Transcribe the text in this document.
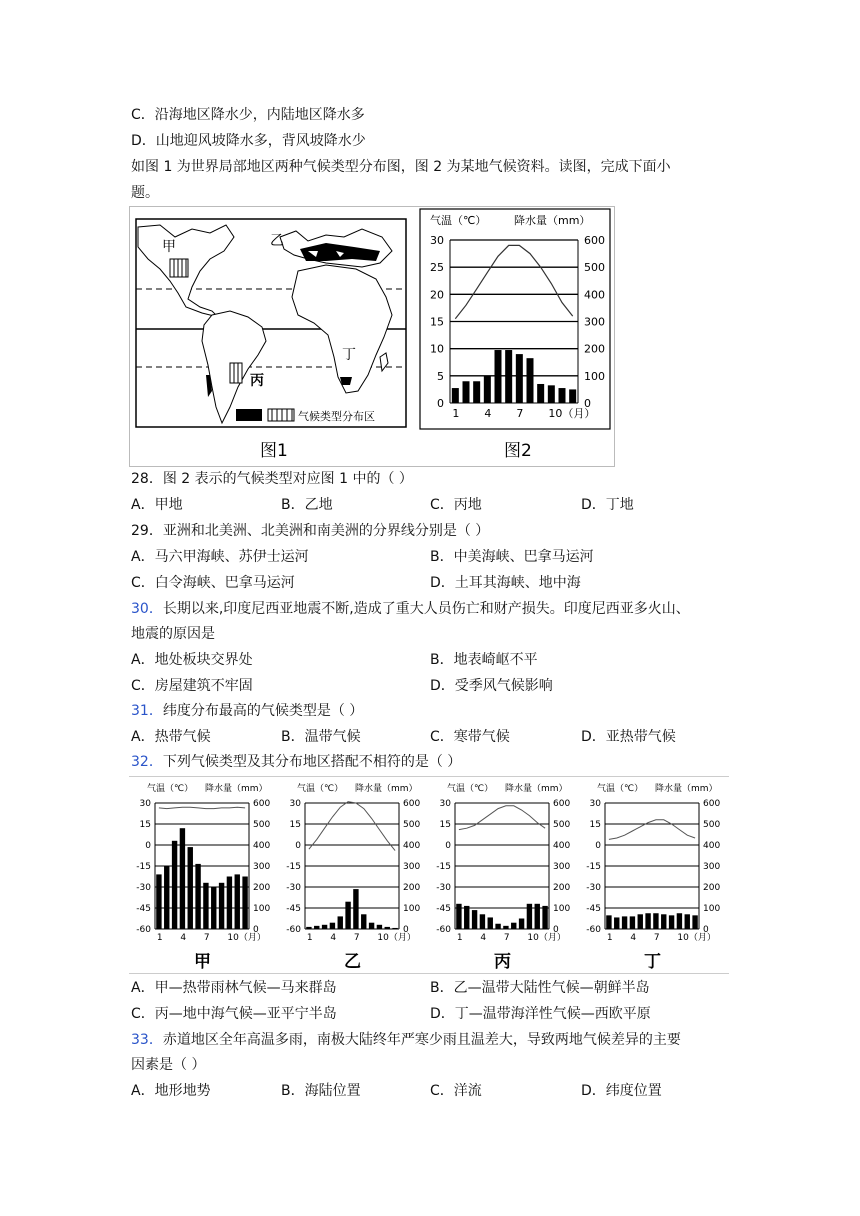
C．沿海地区降水少，内陆地区降水多
D．山地迎风坡降水多，背风坡降水少
如图 1 为世界局部地区两种气候类型分布图，图 2 为某地气候资料。读图，完成下面小
题。
甲	乙
丙
丁
气候类型分布区
图1
气温（℃）	降水量（mm）
30
25
20
15
10
5
0
600
500
400
300
200
100
0
1 4 7 10（月）
图2
28．图 2 表示的气候类型对应图 1 中的（ ）
A．甲地	B．乙地	C．丙地	D．丁地
29．亚洲和北美洲、北美洲和南美洲的分界线分别是（ ）
A．马六甲海峡、苏伊士运河	B．中美海峡、巴拿马运河
C．白令海峡、巴拿马运河	D．土耳其海峡、地中海
30．长期以来,印度尼西亚地震不断,造成了重大人员伤亡和财产损失。印度尼西亚多火山、
地震的原因是
A．地处板块交界处	B．地表崎岖不平
C．房屋建筑不牢固	D．受季风气候影响
31．纬度分布最高的气候类型是（ ）
A．热带气候	B．温带气候	C．寒带气候	D．亚热带气候
32．下列气候类型及其分布地区搭配不相符的是（ ）
气温（℃） 降水量（mm）
30
15
0
-15
-30
-45
-60
600
500
400
300
200
100
0
1 4 7 10（月）
甲
气温（℃） 降水量（mm）
30
15
0
-15
-30
-45
-60
600
500
400
300
200
100
0
1 4 7 10（月）
乙
气温（℃） 降水量（mm）
30
15
0
-15
-30
-45
-60
600
500
400
300
200
100
0
1 4 7 10（月）
丙
气温（℃） 降水量（mm）
30
15
0
-15
-30
-45
-60
600
500
400
300
200
100
0
1 4 7 10（月）
丁
A．甲—热带雨林气候—马来群岛	B．乙—温带大陆性气候—朝鲜半岛
C．丙—地中海气候—亚平宁半岛	D．丁—温带海洋性气候—西欧平原
33．赤道地区全年高温多雨，南极大陆终年严寒少雨且温差大，导致两地气候差异的主要
因素是（ ）
A．地形地势	B．海陆位置	C．洋流	D．纬度位置
